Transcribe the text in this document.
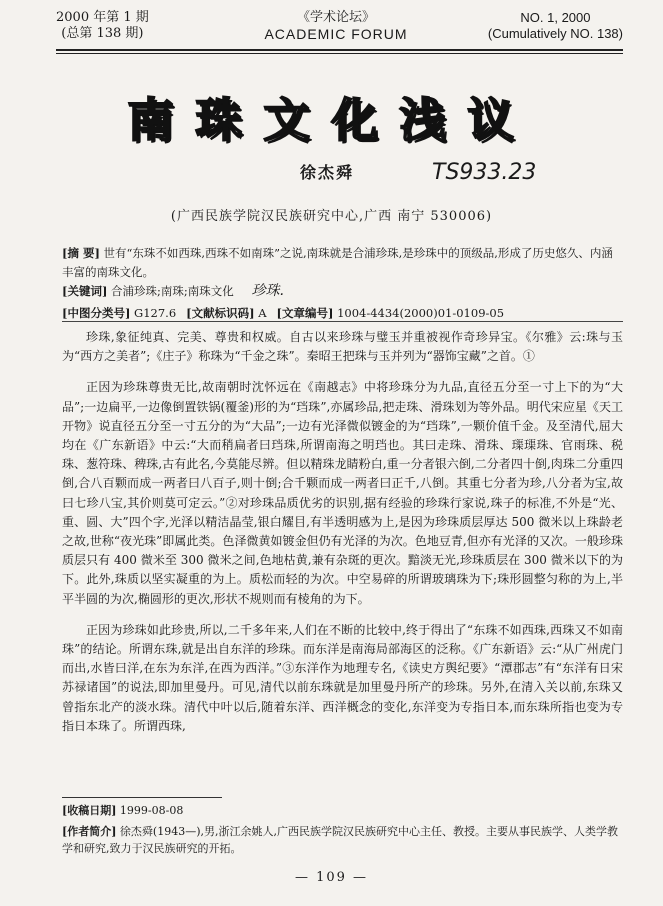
2000 年第 1 期
(总第 138 期)
《学术论坛》
ACADEMIC FORUM
NO. 1, 2000
(Cumulatively NO. 138)
南珠文化浅议
徐杰舜	TS933.23
(广西民族学院汉民族研究中心,广西 南宁 530006)
[摘 要] 世有“东珠不如西珠,西珠不如南珠”之说,南珠就是合浦珍珠,是珍珠中的顶级品,形成了历史悠久、内涵丰富的南珠文化。
[关键词] 合浦珍珠;南珠;南珠文化 珍珠.
[中图分类号] G127.6 [文献标识码] A [文章编号] 1004-4434(2000)01-0109-05

珍珠,象征纯真、完美、尊贵和权威。自古以来珍珠与璧玉并重被视作奇珍异宝。《尔雅》云:珠与玉为“西方之美者”;《庄子》称珠为“千金之珠”。秦昭王把珠与玉并列为“器饰宝藏”之首。①

正因为珍珠尊贵无比,故南朝时沈怀远在《南越志》中将珍珠分为九品,直径五分至一寸上下的为“大品”;一边扁平,一边像倒置铁锅(覆釜)形的为“珰珠”,亦属珍品,把走珠、滑珠划为等外品。明代宋应星《天工开物》说直径五分至一寸五分的为“大品”;一边有光泽微似镀金的为“珰珠”,一颗价值千金。及至清代,屈大均在《广东新语》中云:“大而稍扁者曰珰珠,所谓南海之明珰也。其曰走珠、滑珠、璖璖珠、官雨珠、税珠、葱符珠、稗珠,古有此名,今莫能尽辨。但以精珠龙睛粉白,重一分者银六倒,二分者四十倒,肉珠二分重四倒,合八百颗而成一两者曰八百子,则十倒;合千颗而成一两者曰正千,八倒。其重七分者为珍,八分者为宝,故曰七珍八宝,其价则莫可定云。”②对珍珠品质优劣的识别,据有经验的珍珠行家说,珠子的标准,不外是“光、重、圆、大”四个字,光泽以精洁晶莹,银白耀目,有半透明感为上,是因为珍珠质层厚达 500 微米以上珠龄老之故,世称“夜光珠”即属此类。色泽微黄如镀金但仍有光泽的为次。色地豆青,但亦有光泽的又次。一般珍珠质层只有 400 微米至 300 微米之间,色地枯黄,兼有杂斑的更次。黯淡无光,珍珠质层在 300 微米以下的为下。此外,珠质以坚实凝重的为上。质松而轻的为次。中空易碎的所谓玻璃珠为下;珠形圆整匀称的为上,半平半圆的为次,椭圆形的更次,形状不规则而有棱角的为下。

正因为珍珠如此珍贵,所以,二千多年来,人们在不断的比较中,终于得出了“东珠不如西珠,西珠又不如南珠”的结论。所谓东珠,就是出自东洋的珍珠。而东洋是南海局部海区的泛称。《广东新语》云:“从广州虎门而出,水皆曰洋,在东为东洋,在西为西洋。”③东洋作为地理专名,《读史方舆纪要》“潭郡志”有“东洋有日宋苏禄诸国”的说法,即加里曼丹。可见,清代以前东珠就是加里曼丹所产的珍珠。另外,在清入关以前,东珠又曾指东北产的淡水珠。清代中叶以后,随着东洋、西洋概念的变化,东洋变为专指日本,而东珠所指也变为专指日本珠了。所谓西珠,

[收稿日期] 1999-08-08
[作者简介] 徐杰舜(1943—),男,浙江余姚人,广西民族学院汉民族研究中心主任、教授。主要从事民族学、人类学教学和研究,致力于汉民族研究的开拓。
— 109 —
